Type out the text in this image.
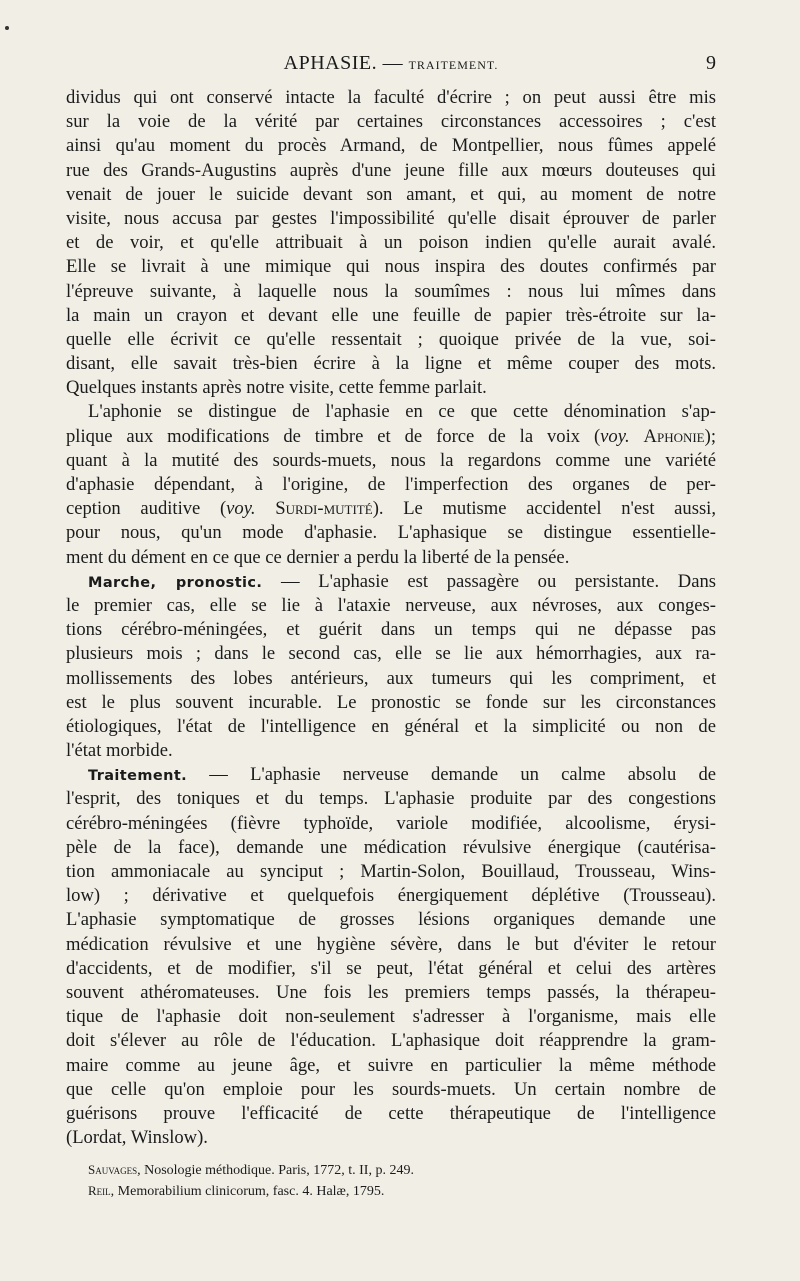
APHASIE. — TRAITEMENT.	9
dividus qui ont conservé intacte la faculté d'écrire ; on peut aussi être mis
sur la voie de la vérité par certaines circonstances accessoires ; c'est
ainsi qu'au moment du procès Armand, de Montpellier, nous fûmes appelé
rue des Grands-Augustins auprès d'une jeune fille aux mœurs douteuses qui
venait de jouer le suicide devant son amant, et qui, au moment de notre
visite, nous accusa par gestes l'impossibilité qu'elle disait éprouver de parler
et de voir, et qu'elle attribuait à un poison indien qu'elle aurait avalé.
Elle se livrait à une mimique qui nous inspira des doutes confirmés par
l'épreuve suivante, à laquelle nous la soumîmes : nous lui mîmes dans
la main un crayon et devant elle une feuille de papier très-étroite sur la-
quelle elle écrivit ce qu'elle ressentait ; quoique privée de la vue, soi-
disant, elle savait très-bien écrire à la ligne et même couper des mots.
Quelques instants après notre visite, cette femme parlait.
L'aphonie se distingue de l'aphasie en ce que cette dénomination s'ap-
plique aux modifications de timbre et de force de la voix (voy. Aphonie);
quant à la mutité des sourds-muets, nous la regardons comme une variété
d'aphasie dépendant, à l'origine, de l'imperfection des organes de per-
ception auditive (voy. Surdi-mutité). Le mutisme accidentel n'est aussi,
pour nous, qu'un mode d'aphasie. L'aphasique se distingue essentielle-
ment du dément en ce que ce dernier a perdu la liberté de la pensée.
Marche, pronostic. — L'aphasie est passagère ou persistante. Dans
le premier cas, elle se lie à l'ataxie nerveuse, aux névroses, aux conges-
tions cérébro-méningées, et guérit dans un temps qui ne dépasse pas
plusieurs mois ; dans le second cas, elle se lie aux hémorrhagies, aux ra-
mollissements des lobes antérieurs, aux tumeurs qui les compriment, et
est le plus souvent incurable. Le pronostic se fonde sur les circonstances
étiologiques, l'état de l'intelligence en général et la simplicité ou non de
l'état morbide.
Traitement. — L'aphasie nerveuse demande un calme absolu de
l'esprit, des toniques et du temps. L'aphasie produite par des congestions
cérébro-méningées (fièvre typhoïde, variole modifiée, alcoolisme, érysi-
pèle de la face), demande une médication révulsive énergique (cautérisa-
tion ammoniacale au synciput ; Martin-Solon, Bouillaud, Trousseau, Wins-
low) ; dérivative et quelquefois énergiquement déplétive (Trousseau).
L'aphasie symptomatique de grosses lésions organiques demande une
médication révulsive et une hygiène sévère, dans le but d'éviter le retour
d'accidents, et de modifier, s'il se peut, l'état général et celui des artères
souvent athéromateuses. Une fois les premiers temps passés, la thérapeu-
tique de l'aphasie doit non-seulement s'adresser à l'organisme, mais elle
doit s'élever au rôle de l'éducation. L'aphasique doit réapprendre la gram-
maire comme au jeune âge, et suivre en particulier la même méthode
que celle qu'on emploie pour les sourds-muets. Un certain nombre de
guérisons prouve l'efficacité de cette thérapeutique de l'intelligence
(Lordat, Winslow).
Sauvages, Nosologie méthodique. Paris, 1772, t. II, p. 249.
Reil, Memorabilium clinicorum, fasc. 4. Halæ, 1795.
